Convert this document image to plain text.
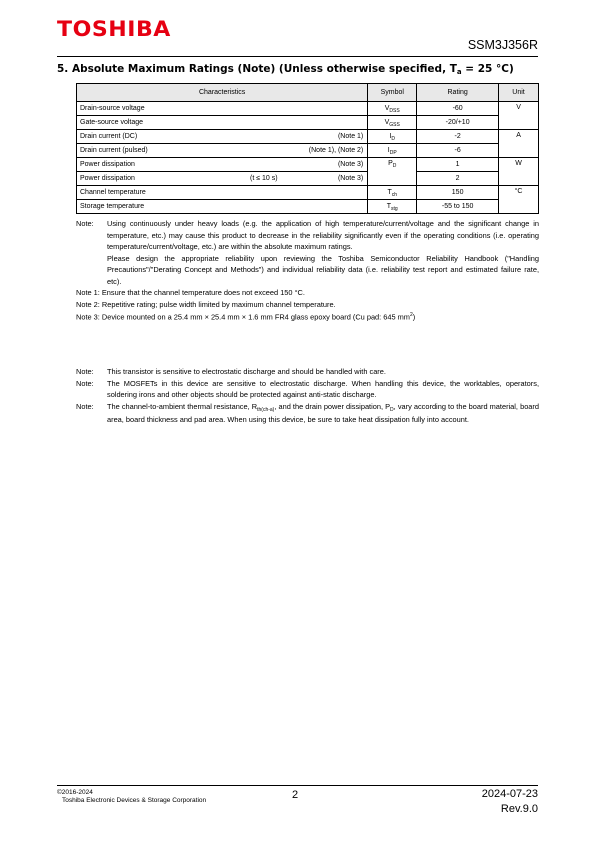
TOSHIBA
SSM3J356R
5. Absolute Maximum Ratings (Note) (Unless otherwise specified, Ta = 25 °C)
Characteristics	Symbol	Rating	Unit
Drain-source voltage	$V_{DSS}$	-60	V
Gate-source voltage	$V_{GSS}$	-20/+10	
Drain current (DC) (Note 1)	$I_D$	-2	A
Drain current (pulsed) (Note 1), (Note 2)	$I_{DP}$	-6	
Power dissipation (Note 3)	$P_D$	1	W
Power dissipation (t ≤ 10 s) (Note 3)		2	
Channel temperature	$T_{ch}$	150	°C
Storage temperature	$T_{stg}$	-55 to 150	
Note:	Using continuously under heavy loads (e.g. the application of high temperature/current/voltage and the significant change in temperature, etc.) may cause this product to decrease in the reliability significantly even if the operating conditions (i.e. operating temperature/current/voltage, etc.) are within the absolute maximum ratings.
Please design the appropriate reliability upon reviewing the Toshiba Semiconductor Reliability Handbook ("Handling Precautions"/"Derating Concept and Methods") and individual reliability data (i.e. reliability test report and estimated failure rate, etc).
Note 1: Ensure that the channel temperature does not exceed 150 °C.
Note 2: Repetitive rating; pulse width limited by maximum channel temperature.
Note 3: Device mounted on a 25.4 mm × 25.4 mm × 1.6 mm FR4 glass epoxy board (Cu pad: 645 $mm^2$)
Note:	This transistor is sensitive to electrostatic discharge and should be handled with care.
Note:	The MOSFETs in this device are sensitive to electrostatic discharge. When handling this device, the worktables, operators, soldering irons and other objects should be protected against anti-static discharge.
Note:	The channel-to-ambient thermal resistance, $R_{th(ch-a)}$, and the drain power dissipation, $P_D$, vary according to the board material, board area, board thickness and pad area. When using this device, be sure to take heat dissipation fully into account.
©2016-2024
Toshiba Electronic Devices & Storage Corporation	2	2024-07-23
Rev.9.0
